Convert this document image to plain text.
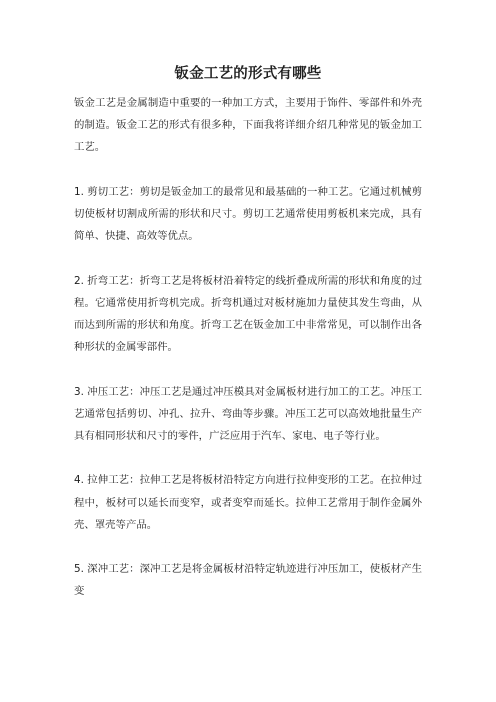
钣金工艺的形式有哪些

钣金工艺是金属制造中重要的一种加工方式，主要用于饰件、零部件和外壳的制造。钣金工艺的形式有很多种，下面我将详细介绍几种常见的钣金加工工艺。

1. 剪切工艺：剪切是钣金加工的最常见和最基础的一种工艺。它通过机械剪切使板材切割成所需的形状和尺寸。剪切工艺通常使用剪板机来完成，具有简单、快捷、高效等优点。

2. 折弯工艺：折弯工艺是将板材沿着特定的线折叠成所需的形状和角度的过程。它通常使用折弯机完成。折弯机通过对板材施加力量使其发生弯曲，从而达到所需的形状和角度。折弯工艺在钣金加工中非常常见，可以制作出各种形状的金属零部件。

3. 冲压工艺：冲压工艺是通过冲压模具对金属板材进行加工的工艺。冲压工艺通常包括剪切、冲孔、拉升、弯曲等步骤。冲压工艺可以高效地批量生产具有相同形状和尺寸的零件，广泛应用于汽车、家电、电子等行业。

4. 拉伸工艺：拉伸工艺是将板材沿特定方向进行拉伸变形的工艺。在拉伸过程中，板材可以延长而变窄，或者变窄而延长。拉伸工艺常用于制作金属外壳、罩壳等产品。

5. 深冲工艺：深冲工艺是将金属板材沿特定轨迹进行冲压加工，使板材产生变
